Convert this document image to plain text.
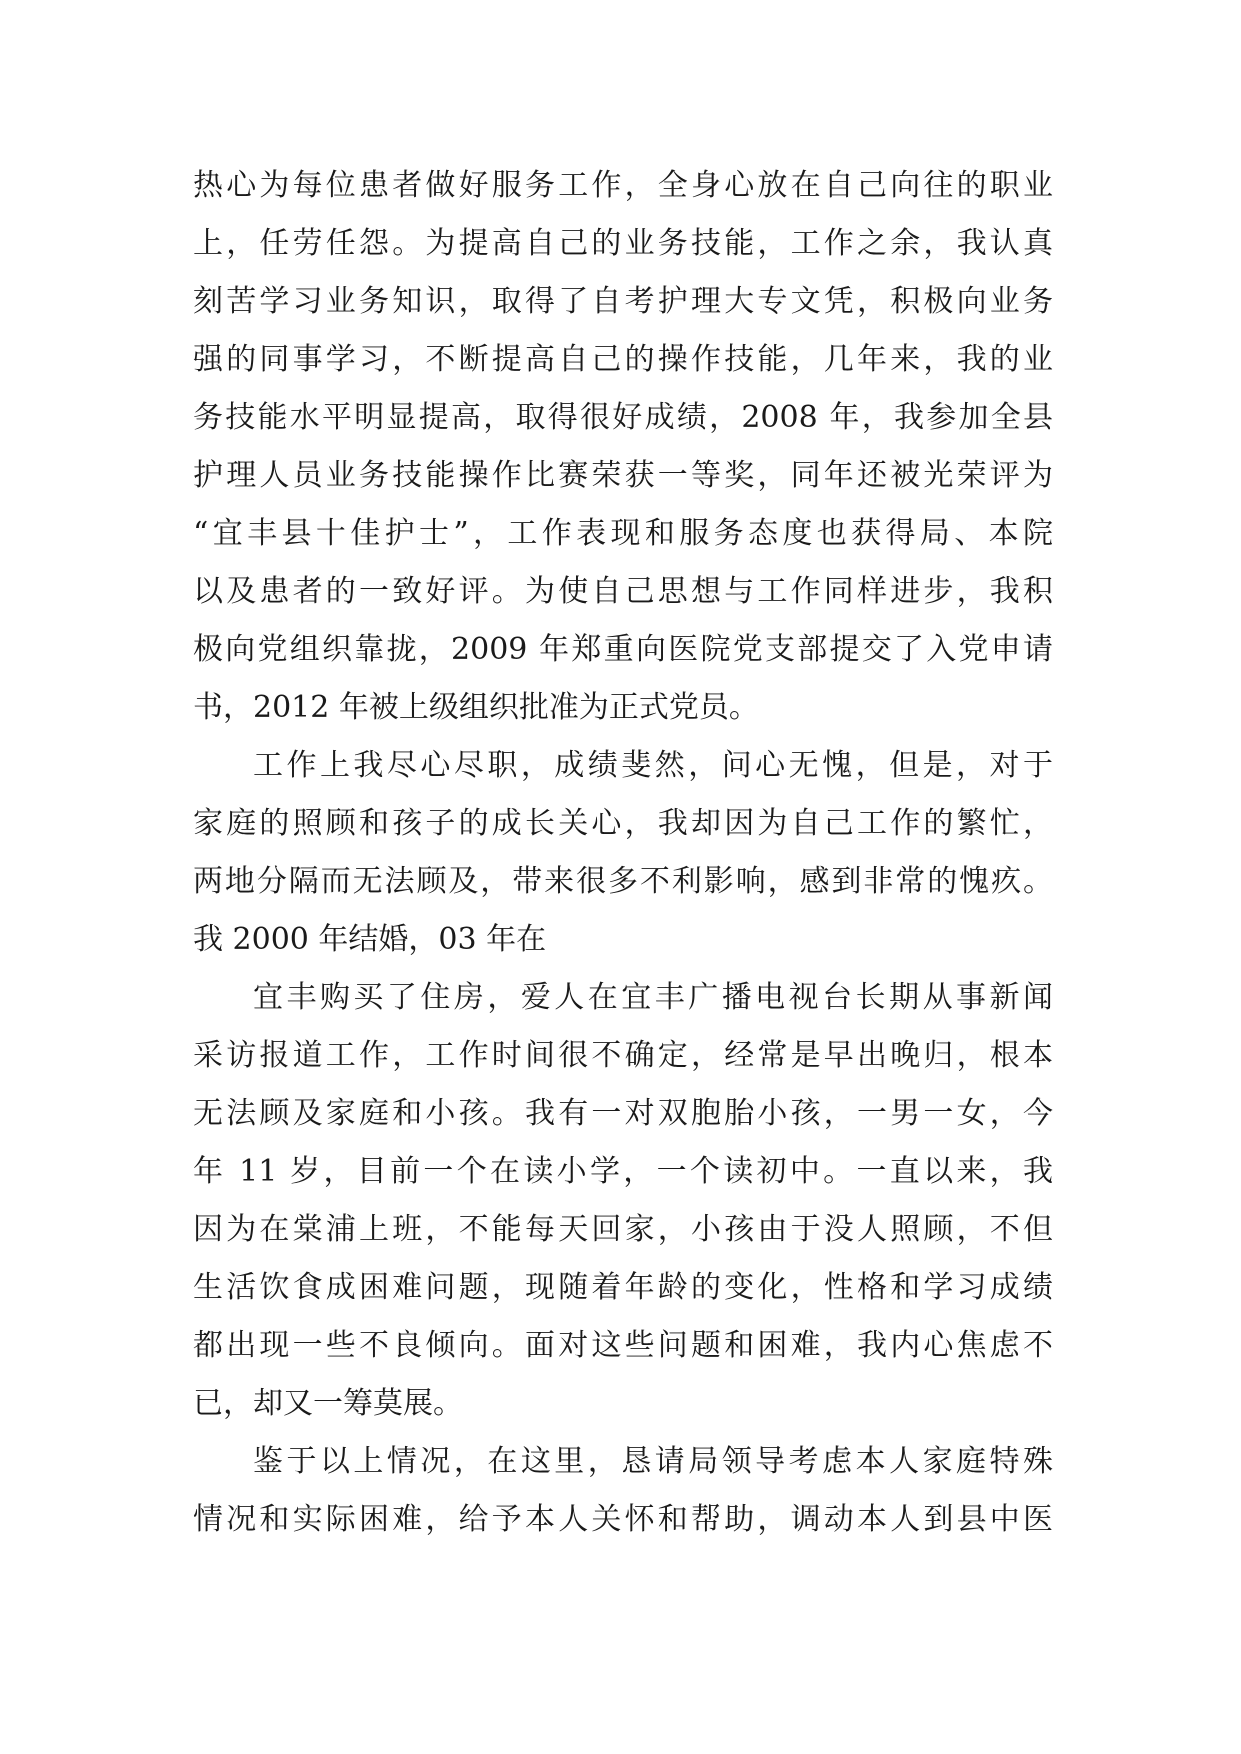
热心为每位患者做好服务工作，全身心放在自己向往的职业
上，任劳任怨。为提高自己的业务技能，工作之余，我认真
刻苦学习业务知识，取得了自考护理大专文凭，积极向业务
强的同事学习，不断提高自己的操作技能，几年来，我的业
务技能水平明显提高，取得很好成绩，2008 年，我参加全县
护理人员业务技能操作比赛荣获一等奖，同年还被光荣评为
“宜丰县十佳护士”，工作表现和服务态度也获得局、本院
以及患者的一致好评。为使自己思想与工作同样进步，我积
极向党组织靠拢，2009 年郑重向医院党支部提交了入党申请
书，2012 年被上级组织批准为正式党员。
工作上我尽心尽职，成绩斐然，问心无愧，但是，对于
家庭的照顾和孩子的成长关心，我却因为自己工作的繁忙，
两地分隔而无法顾及，带来很多不利影响，感到非常的愧疚。
我 2000 年结婚，03 年在
宜丰购买了住房，爱人在宜丰广播电视台长期从事新闻
采访报道工作，工作时间很不确定，经常是早出晚归，根本
无法顾及家庭和小孩。我有一对双胞胎小孩，一男一女，今
年 11 岁，目前一个在读小学，一个读初中。一直以来，我
因为在棠浦上班，不能每天回家，小孩由于没人照顾，不但
生活饮食成困难问题，现随着年龄的变化，性格和学习成绩
都出现一些不良倾向。面对这些问题和困难，我内心焦虑不
已，却又一筹莫展。
鉴于以上情况，在这里，恳请局领导考虑本人家庭特殊
情况和实际困难，给予本人关怀和帮助，调动本人到县中医
